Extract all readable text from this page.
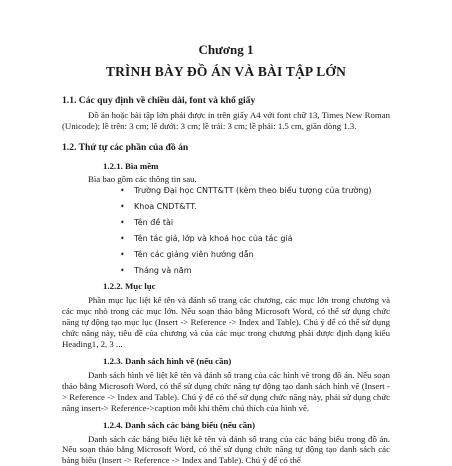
Chương 1
TRÌNH BÀY ĐỒ ÁN VÀ BÀI TẬP LỚN
1.1. Các quy định về chiều dài, font và khổ giấy
Đồ án hoặc bài tập lớn phải được in trên giấy A4 với font chữ 13, Times New Roman (Unicode); lề trên: 3 cm; lề dưới: 3 cm; lề trái: 3 cm; lề phải: 1.5 cm, giãn dòng 1.3.
1.2. Thứ tự các phần của đồ án
1.2.1. Bìa mềm
Bìa bao gồm các thông tin sau.
• Trường Đại học CNTT&TT (kèm theo biểu tượng của trường)
• Khoa CNDT&TT.
• Tên đề tài
• Tên tác giả, lớp và khoá học của tác giả
• Tên các giảng viên hướng dẫn
• Tháng và năm
1.2.2. Mục lục
Phần mục lục liệt kê tên và đánh số trang các chương, các mục lớn trong chương và các mục nhỏ trong các mục lớn. Nếu soạn thảo bằng Microsoft Word, có thể sử dụng chức năng tự động tạo mục lục (Insert -> Reference -> Index and Table). Chú ý để có thể sử dụng chức năng này, tiêu đề của chương và của các mục trong chương phải được định dạng kiểu Heading1, 2, 3 ...
1.2.3. Danh sách hình vẽ (nếu cần)
Danh sách hình vẽ liệt kê tên và đánh số trang của các hình vẽ trong đồ án. Nếu soạn thảo bằng Microsoft Word, có thể sử dụng chức năng tự động tạo danh sách hình vẽ (Insert -> Reference -> Index and Table). Chú ý để có thể sử dụng chức năng này, phải sử dụng chức năng insert-> Reference->caption mỗi khi thêm chú thích của hình vẽ.
1.2.4. Danh sách các bảng biểu (nếu cần)
Danh sách các bảng biểu liệt kê tên và đánh số trang của các bảng biểu trong đồ án. Nếu soạn thảo bằng Microsoft Word, có thể sử dụng chức năng tự động tạo danh sách các bảng biểu (Insert -> Reference -> Index and Table). Chú ý để có thể
